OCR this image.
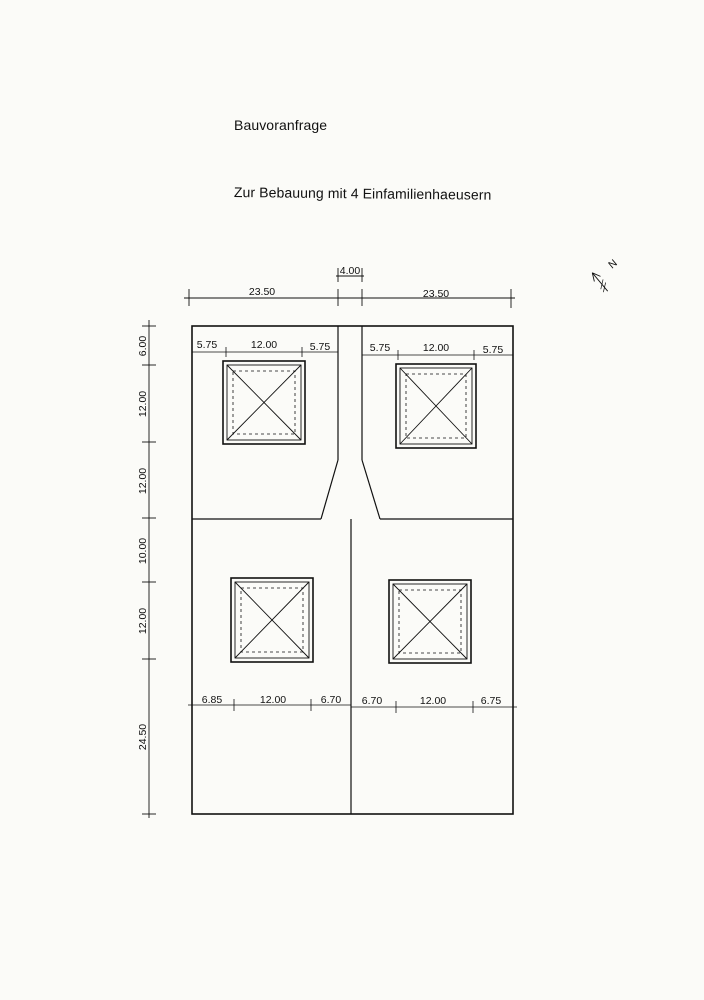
Bauvoranfrage
Zur Bebauung mit 4 Einfamilienhaeusern
23.50
4.00
23.50
6.00
12.00
12.00
10.00
12.00
24.50
5.75	12.00	5.75	5.75	12.00	5.75
6.85	12.00	6.70 6.70	12.00	6.75
N
